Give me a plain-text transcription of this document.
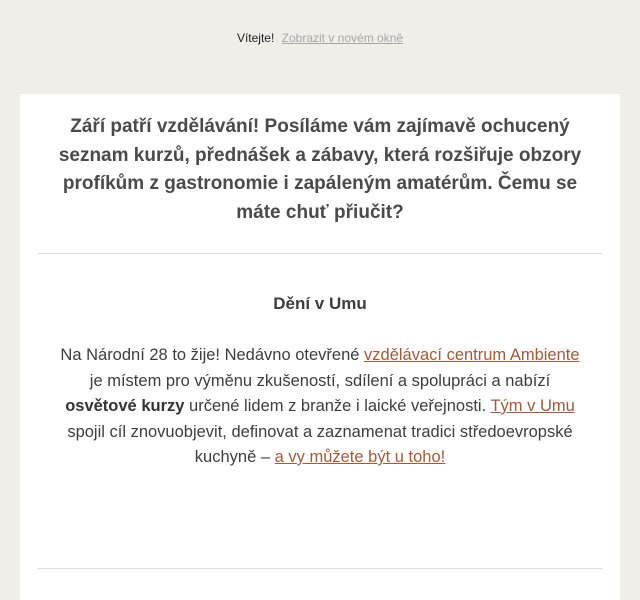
Vítejte! Zobrazit v novém okně
Září patří vzdělávání! Posíláme vám zajímavě ochucený seznam kurzů, přednášek a zábavy, která rozšiřuje obzory profíkům z gastronomie i zapáleným amatérům. Čemu se máte chuť přiučit?
Dění v Umu
Na Národní 28 to žije! Nedávno otevřené vzdělávací centrum Ambiente je místem pro výměnu zkušeností, sdílení a spolupráci a nabízí osvětové kurzy určené lidem z branže i laické veřejnosti. Tým v Umu spojil cíl znovuobjevit, definovat a zaznamenat tradici středoevropské kuchyně – a vy můžete být u toho!
